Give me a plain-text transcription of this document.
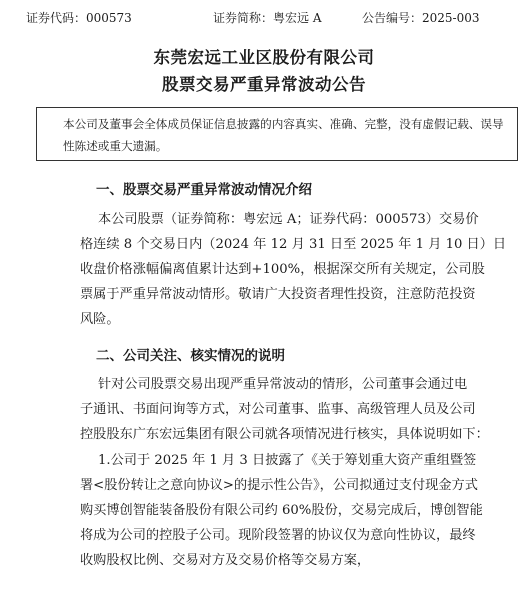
证券代码：000573	证券简称：粤宏远 A	公告编号：2025-003
东莞宏远工业区股份有限公司
股票交易严重异常波动公告
本公司及董事会全体成员保证信息披露的内容真实、准确、完整，没有虚假记载、误导性陈述或重大遗漏。
一、股票交易严重异常波动情况介绍
本公司股票（证券简称：粤宏远 A；证券代码：000573）交易价
格连续 8 个交易日内（2024 年 12 月 31 日至 2025 年 1 月 10 日）日
收盘价格涨幅偏离值累计达到+100%，根据深交所有关规定，公司股
票属于严重异常波动情形。敬请广大投资者理性投资，注意防范投资
风险。
二、公司关注、核实情况的说明
针对公司股票交易出现严重异常波动的情形，公司董事会通过电
子通讯、书面问询等方式，对公司董事、监事、高级管理人员及公司
控股股东广东宏远集团有限公司就各项情况进行核实，具体说明如下：
1.公司于 2025 年 1 月 3 日披露了《关于筹划重大资产重组暨签
署<股份转让之意向协议>的提示性公告》，公司拟通过支付现金方式
购买博创智能装备股份有限公司约 60%股份，交易完成后，博创智能
将成为公司的控股子公司。现阶段签署的协议仅为意向性协议，最终
收购股权比例、交易对方及交易价格等交易方案，
